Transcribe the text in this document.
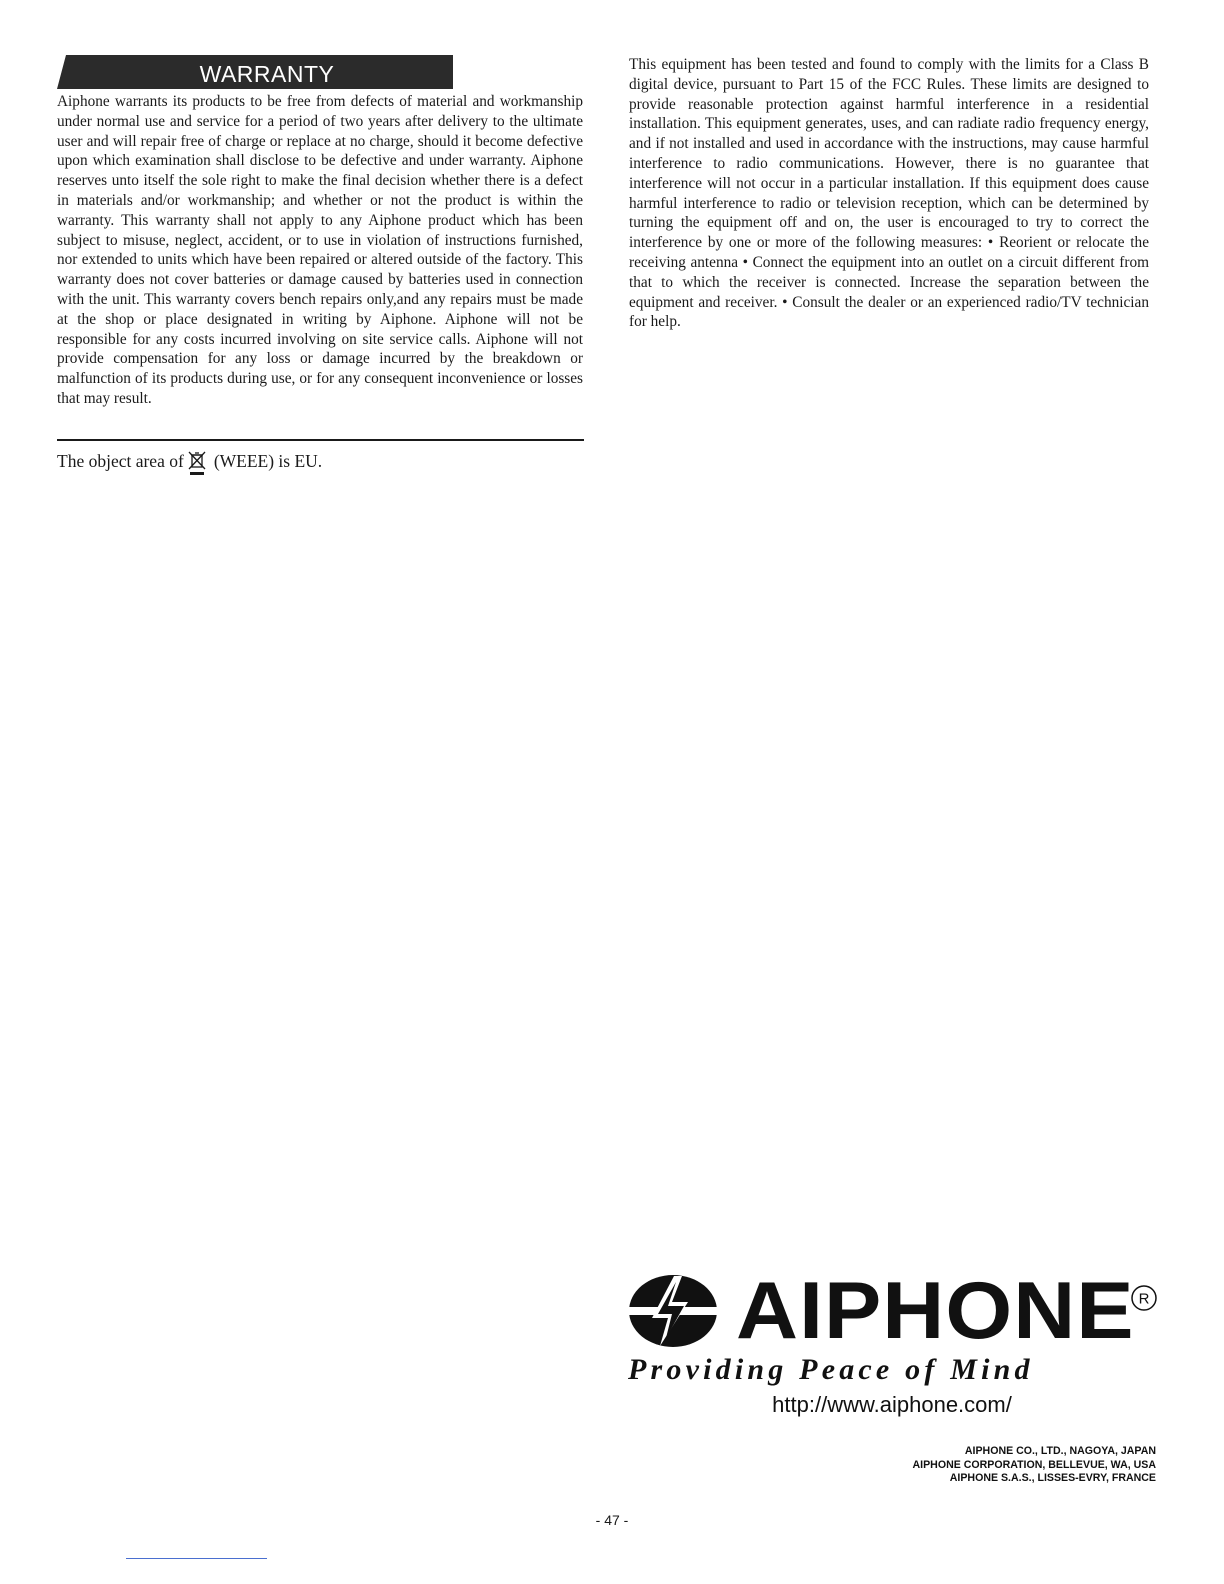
WARRANTY

Aiphone warrants its products to be free from defects of material and workmanship under normal use and service for a period of two years after delivery to the ultimate user and will repair free of charge or replace at no charge, should it become defective upon which examination shall disclose to be defective and under warranty. Aiphone reserves unto itself the sole right to make the final decision whether there is a defect in materials and/or workmanship; and whether or not the product is within the warranty. This warranty shall not apply to any Aiphone product which has been subject to misuse, neglect, accident, or to use in violation of instructions furnished, nor extended to units which have been repaired or altered outside of the factory. This warranty does not cover batteries or damage caused by batteries used in connection with the unit. This warranty covers bench repairs only,and any repairs must be made at the shop or place designated in writing by Aiphone. Aiphone will not be responsible for any costs incurred involving on site service calls. Aiphone will not provide compensation for any loss or damage incurred by the breakdown or malfunction of its products during use, or for any consequent inconvenience or losses that may result.

The object area of (WEEE) is EU.

This equipment has been tested and found to comply with the limits for a Class B digital device, pursuant to Part 15 of the FCC Rules. These limits are designed to provide reasonable protection against harmful interference in a residential installation. This equipment generates, uses, and can radiate radio frequency energy, and if not installed and used in accordance with the instructions, may cause harmful interference to radio communications. However, there is no guarantee that interference will not occur in a particular installation. If this equipment does cause harmful interference to radio or television reception, which can be determined by turning the equipment off and on, the user is encouraged to try to correct the interference by one or more of the following measures: • Reorient or relocate the receiving antenna • Connect the equipment into an outlet on a circuit different from that to which the receiver is connected. Increase the separation between the equipment and receiver. • Consult the dealer or an experienced radio/TV technician for help.

AIPHONE R
Providing Peace of Mind
http://www.aiphone.com/
AIPHONE CO., LTD., NAGOYA, JAPAN
AIPHONE CORPORATION, BELLEVUE, WA, USA
AIPHONE S.A.S., LISSES-EVRY, FRANCE
- 47 -
